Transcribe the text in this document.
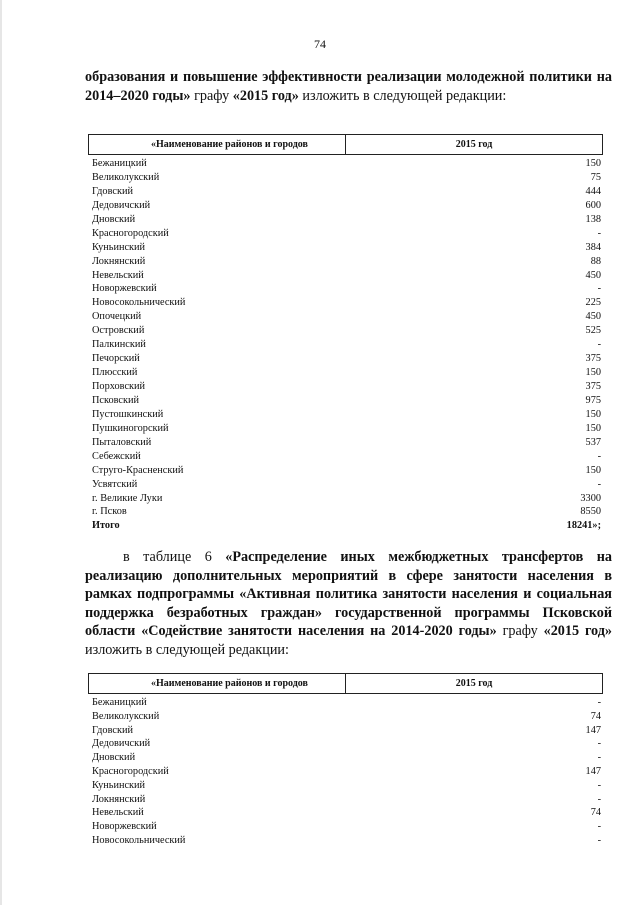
74
образования и повышение эффективности реализации молодежной политики на 2014–2020 годы» графу «2015 год» изложить в следующей редакции:
«Наименование районов и городов	2015 год
Бежаницкий	150
Великолукский	75
Гдовский	444
Дедовичский	600
Дновский	138
Красногородский	-
Куньинский	384
Локнянский	88
Невельский	450
Новоржевский	-
Новосокольнический	225
Опочецкий	450
Островский	525
Палкинский	-
Печорский	375
Плюсский	150
Порховский	375
Псковский	975
Пустошкинский	150
Пушкиногорский	150
Пыталовский	537
Себежский	-
Струго-Красненский	150
Усвятский	-
г. Великие Луки	3300
г. Псков	8550
Итого	18241»;
в таблице 6 «Распределение иных межбюджетных трансфертов на реализацию дополнительных мероприятий в сфере занятости населения в рамках подпрограммы «Активная политика занятости населения и социальная поддержка безработных граждан» государственной программы Псковской области «Содействие занятости населения на 2014-2020 годы» графу «2015 год» изложить в следующей редакции:
«Наименование районов и городов	2015 год
Бежаницкий	-
Великолукский	74
Гдовский	147
Дедовичский	-
Дновский	-
Красногородский	147
Куньинский	-
Локнянский	-
Невельский	74
Новоржевский	-
Новосокольнический	-
